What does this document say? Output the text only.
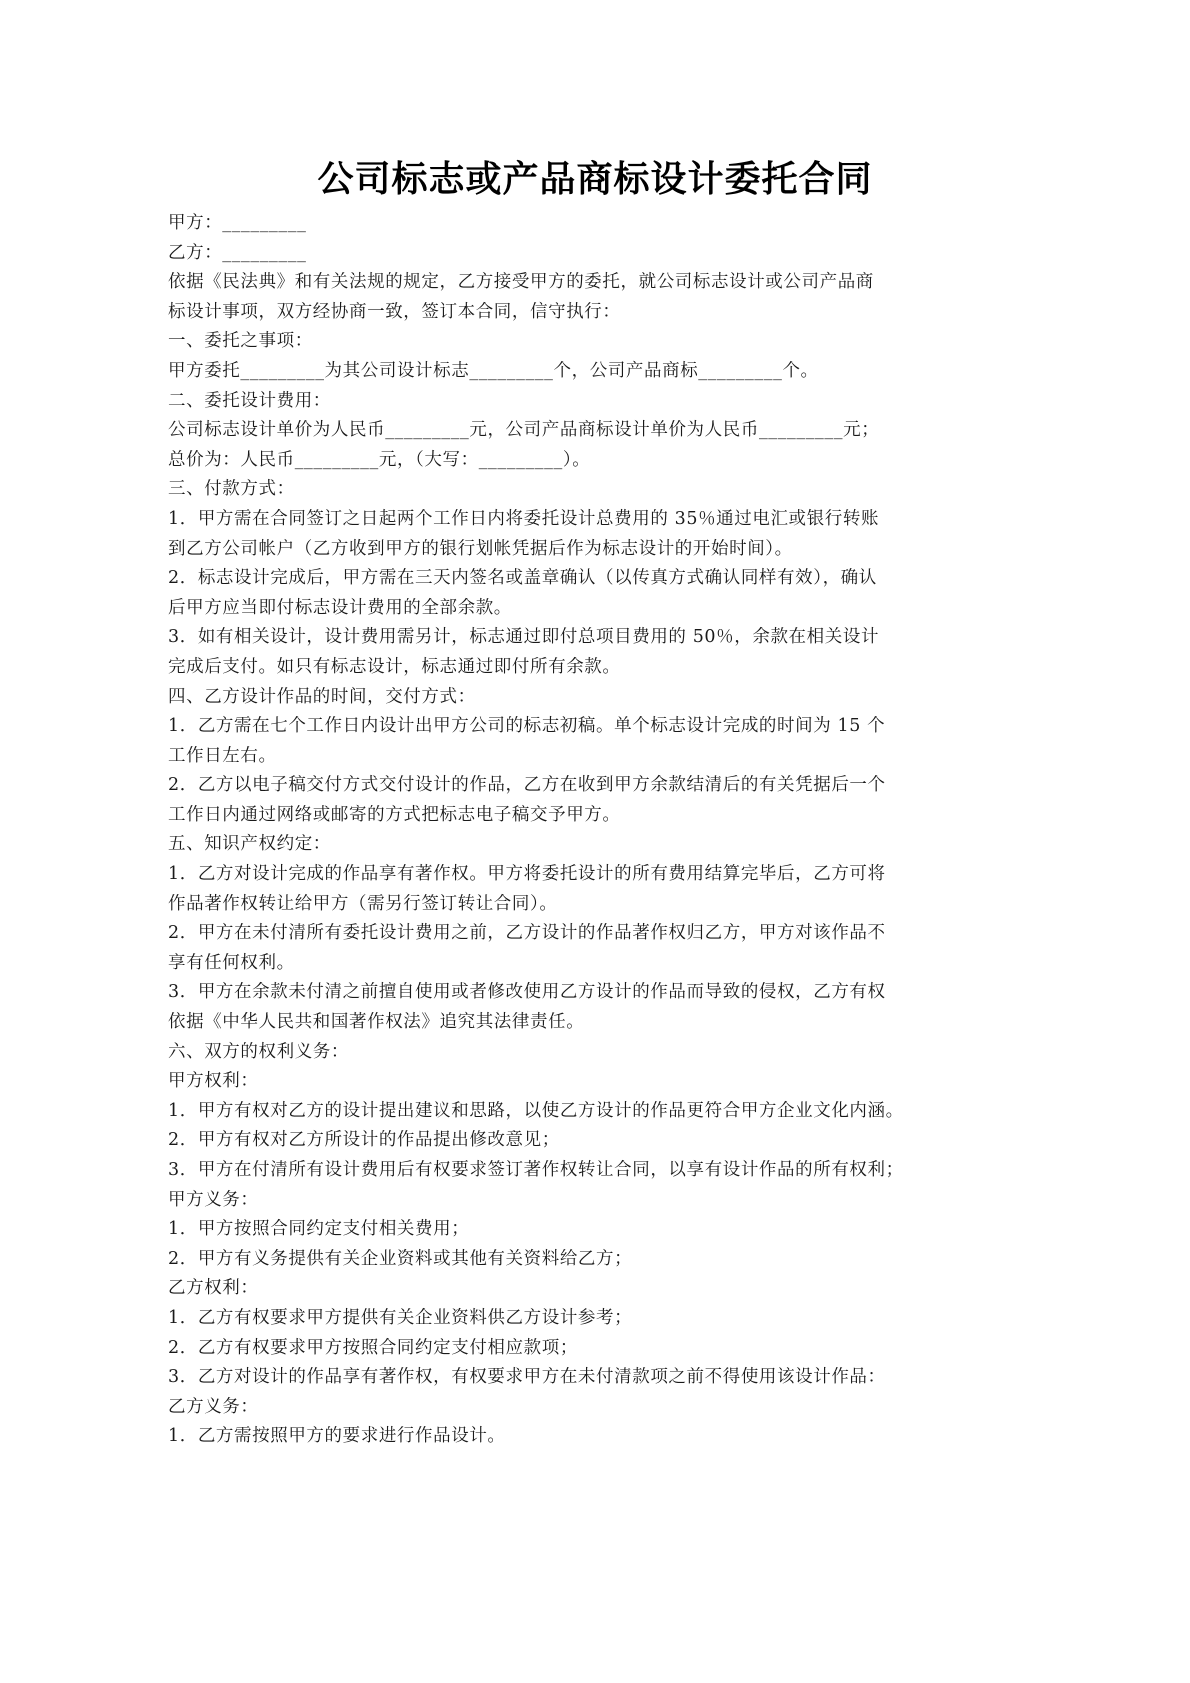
公司标志或产品商标设计委托合同

甲方：_________

乙方：_________

依据《民法典》和有关法规的规定，乙方接受甲方的委托，就公司标志设计或公司产品商

标设计事项，双方经协商一致，签订本合同，信守执行：

一、委托之事项：

甲方委托_________为其公司设计标志_________个，公司产品商标_________个。

二、委托设计费用：

公司标志设计单价为人民币_________元，公司产品商标设计单价为人民币_________元；

总价为：人民币_________元，（大写：_________）。

三、付款方式：

1．甲方需在合同签订之日起两个工作日内将委托设计总费用的 35％通过电汇或银行转账

到乙方公司帐户（乙方收到甲方的银行划帐凭据后作为标志设计的开始时间）。

2．标志设计完成后，甲方需在三天内签名或盖章确认（以传真方式确认同样有效），确认

后甲方应当即付标志设计费用的全部余款。

3．如有相关设计，设计费用需另计，标志通过即付总项目费用的 50％，余款在相关设计

完成后支付。如只有标志设计，标志通过即付所有余款。

四、乙方设计作品的时间，交付方式：

1．乙方需在七个工作日内设计出甲方公司的标志初稿。单个标志设计完成的时间为 15 个

工作日左右。

2．乙方以电子稿交付方式交付设计的作品，乙方在收到甲方余款结清后的有关凭据后一个

工作日内通过网络或邮寄的方式把标志电子稿交予甲方。

五、知识产权约定：

1．乙方对设计完成的作品享有著作权。甲方将委托设计的所有费用结算完毕后，乙方可将

作品著作权转让给甲方（需另行签订转让合同）。

2．甲方在未付清所有委托设计费用之前，乙方设计的作品著作权归乙方，甲方对该作品不

享有任何权利。

3．甲方在余款未付清之前擅自使用或者修改使用乙方设计的作品而导致的侵权，乙方有权

依据《中华人民共和国著作权法》追究其法律责任。

六、双方的权利义务：

甲方权利：

1．甲方有权对乙方的设计提出建议和思路，以使乙方设计的作品更符合甲方企业文化内涵。

2．甲方有权对乙方所设计的作品提出修改意见；

3．甲方在付清所有设计费用后有权要求签订著作权转让合同，以享有设计作品的所有权利；

甲方义务：

1．甲方按照合同约定支付相关费用；

2．甲方有义务提供有关企业资料或其他有关资料给乙方；

乙方权利：

1．乙方有权要求甲方提供有关企业资料供乙方设计参考；

2．乙方有权要求甲方按照合同约定支付相应款项；

3．乙方对设计的作品享有著作权，有权要求甲方在未付清款项之前不得使用该设计作品：

乙方义务：

1．乙方需按照甲方的要求进行作品设计。
